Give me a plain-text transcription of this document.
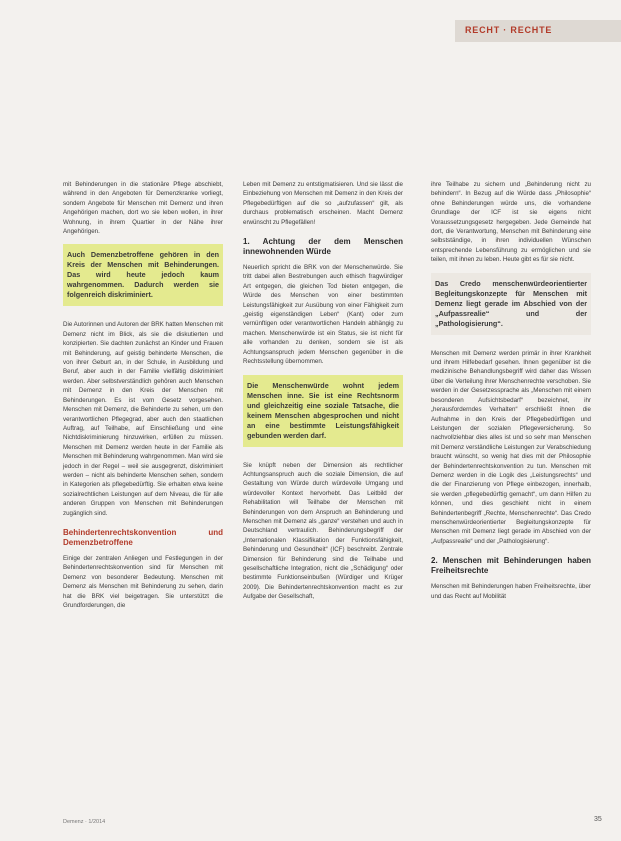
RECHT · RECHTE

mit Behinderungen in die stationäre Pflege abschiebt, während in den Angeboten für Demenzkranke vorliegt, sondern Angebote für Menschen mit Demenz und ihren Angehörigen machen, dort wo sie leben wollen, in ihrer Wohnung, in ihrem Quartier in der Nähe ihrer Angehörigen.

Auch Demenzbetroffene gehören in den Kreis der Menschen mit Behinderungen. Das wird heute jedoch kaum wahrgenommen. Dadurch werden sie folgenreich diskriminiert.

Die Autorinnen und Autoren der BRK hatten Menschen mit Demenz nicht im Blick, als sie die diskutierten und konzipierten. Sie dachten zunächst an Kinder und Frauen mit Behinderung, auf geistig behinderte Menschen, die von ihrer Geburt an, in der Schule, in Ausbildung und Beruf, aber auch in der Familie vielfältig diskriminiert werden. Aber selbstverständlich gehören auch Menschen mit Demenz in den Kreis der Menschen mit Behinderungen. Es ist vom Gesetz vorgesehen. Menschen mit Demenz, die Behinderte zu sehen, um den verantwortlichen Pflegegrad, aber auch den staatlichen Auftrag, auf Teilhabe, auf Einschließung und eine Nichtdiskriminierung hinzuwirken, erfüllen zu müssen. Menschen mit Demenz werden heute in der Familie als Menschen mit Behinderung wahrgenommen. Man wird sie jedoch in der Regel – weil sie ausgegrenzt, diskriminiert werden – nicht als behinderte Menschen sehen, sondern in Kategorien als pflegebedürftig. Sie erhalten etwa keine sozialrechtlichen Leistungen auf dem Niveau, die für alle anderen Gruppen von Menschen mit Behinderungen zugänglich sind.

Behindertenrechtskonvention und Demenzbetroffene

Einige der zentralen Anliegen und Festlegungen in der Behindertenrechtskonvention sind für Menschen mit Demenz von besonderer Bedeutung. Menschen mit Demenz als Menschen mit Behinderung zu sehen, darin hat die BRK viel beigetragen. Sie unterstützt die Grundforderungen, die

Leben mit Demenz zu entstigmatisieren. Und sie lässt die Einbeziehung von Menschen mit Demenz in den Kreis der Pflegebedürftigen auf die so „aufzufassen“ gilt, als durchaus problematisch erscheinen. Macht Demenz erwünscht zu Pflegefällen!

1. Achtung der dem Menschen innewohnenden Würde

Neuerlich spricht die BRK von der Menschenwürde. Sie tritt dabei allen Bestrebungen auch ethisch fragwürdiger Art entgegen, die gleichen Tod bieten entgegen, die Würde des Menschen von einer bestimmten Leistungsfähigkeit zur Ausübung von einer Fähigkeit zum „geistig eigenständigen Leben“ (Kant) oder zum vernünftigen oder verantwortlichen Handeln abhängig zu machen. Menschenwürde ist ein Status, sie ist nicht für alle vorhanden zu denken, sondern sie ist als Achtungsanspruch jedem Menschen gegenüber in die Rechtsstellung übernommen.

Die Menschenwürde wohnt jedem Menschen inne. Sie ist eine Rechtsnorm und gleichzeitig eine soziale Tatsache, die keinem Menschen abgesprochen und nicht an eine bestimmte Leistungsfähigkeit gebunden werden darf.

Sie knüpft neben der Dimension als rechtlicher Achtungsanspruch auch die soziale Dimension, die auf Gestaltung von Würde durch würdevolle Umgang und würdevoller Kontext hervorhebt. Das Leitbild der Rehabilitation will Teilhabe der Menschen mit Behinderungen von dem Anspruch an Behinderung und Menschen mit Demenz als „ganze“ verstehen und auch in Deutschland vertraulich. Behinderungsbegriff der „Internationalen Klassifikation der Funktionsfähigkeit, Behinderung und Gesundheit“ (ICF) beschreibt. Zentrale Dimension für Behinderung sind die Teilhabe und gesellschaftliche Integration, nicht die „Schädigung“ oder bestimmte Funktionseinbußen (Würdiger und Krüger 2009). Die Behindertenrechtskonvention macht es zur Aufgabe der Gesellschaft,

ihre Teilhabe zu sichern und „Behinderung nicht zu behindern“. In Bezug auf die Würde dass „Philosophie“ ohne Behinderungen würde uns, die vorhandene Grundlage der ICF ist sie eigens nicht Voraussetzungsgesetz hergegeben. Jede Gemeinde hat dort, die Verantwortung, Menschen mit Behinderung eine selbstständige, in ihren individuellen Wünschen entsprechende Lebensführung zu ermöglichen und sie teilen, mit ihnen zu leben. Heute gibt es für sie nicht.

Das Credo menschenwürdeorientierter Begleitungskonzepte für Menschen mit Demenz liegt gerade im Abschied von der „Aufpassrealie“ und der „Pathologisierung“.

Menschen mit Demenz werden primär in ihrer Krankheit und ihrem Hilfebedarf gesehen. Ihnen gegenüber ist die medizinische Behandlungsbegriff wird daher das Wissen über die Verteilung ihrer Menschenrechte verschoben. Sie werden in der Gesetzessprache als „Menschen mit einem besonderen Aufsichtsbedarf“ bezeichnet, ihr „herausforderndes Verhalten“ erschließt ihnen die Aufnahme in den Kreis der Pflegebedürftigen und Leistungen der sozialen Pflegeversicherung. So nachvollziehbar dies alles ist und so sehr man Menschen mit Demenz verständliche Leistungen zur Verabschiedung braucht wünscht, so wenig hat dies mit der Philosophie der Behindertenrechtskonvention zu tun. Menschen mit Demenz werden in die Logik des „Leistungsrechts“ und die der Finanzierung von Pflege einbezogen, innerhalb, sie werden „pflegebedürftig gemacht“, um dann Hilfen zu können, und dies geschieht nicht in einem Behindertenbegriff „Rechte, Menschenrechte“. Das Credo menschenwürdeorientierter Begleitungskonzepte für Menschen mit Demenz liegt gerade im Abschied von der „Aufpassrealie“ und der „Pathologisierung“.

2. Menschen mit Behinderungen haben Freiheitsrechte

Menschen mit Behinderungen haben Freiheitsrechte, über und das Recht auf Mobilität

Demenz · 1/2014	35
